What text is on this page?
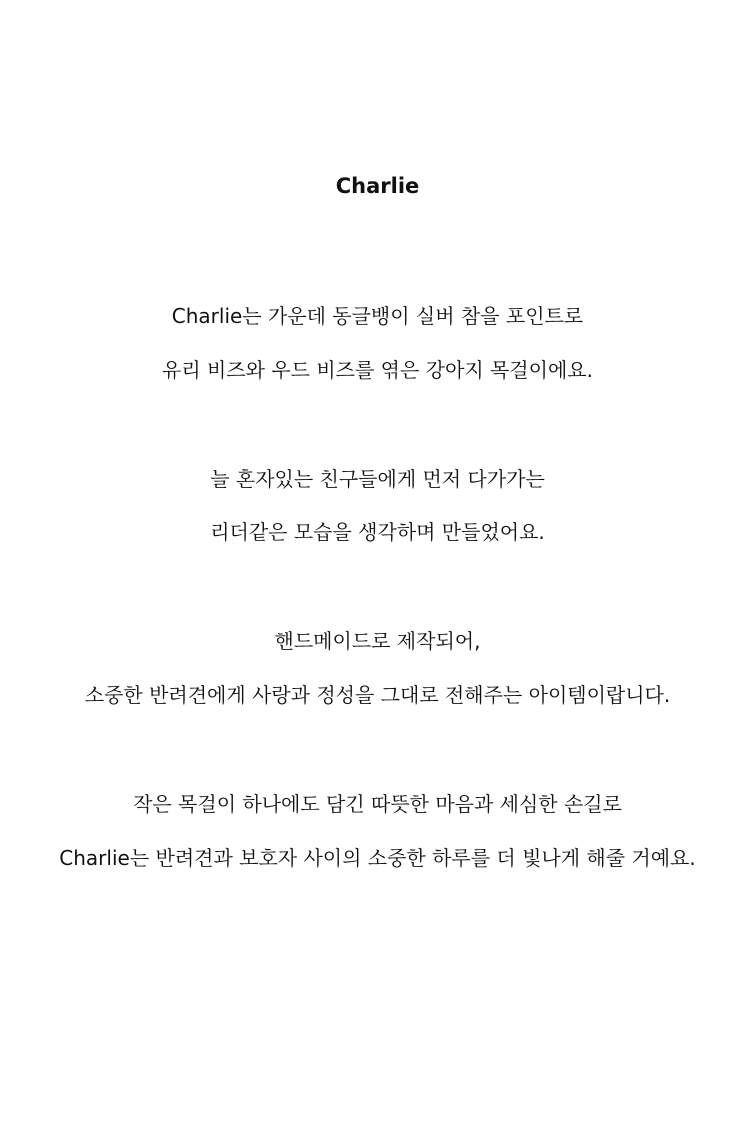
Charlie

Charlie는 가운데 동글뱅이 실버 참을 포인트로

유리 비즈와 우드 비즈를 엮은 강아지 목걸이에요.

늘 혼자있는 친구들에게 먼저 다가가는

리더같은 모습을 생각하며 만들었어요.

핸드메이드로 제작되어,

소중한 반려견에게 사랑과 정성을 그대로 전해주는 아이템이랍니다.

작은 목걸이 하나에도 담긴 따뜻한 마음과 세심한 손길로

Charlie는 반려견과 보호자 사이의 소중한 하루를 더 빛나게 해줄 거예요.
